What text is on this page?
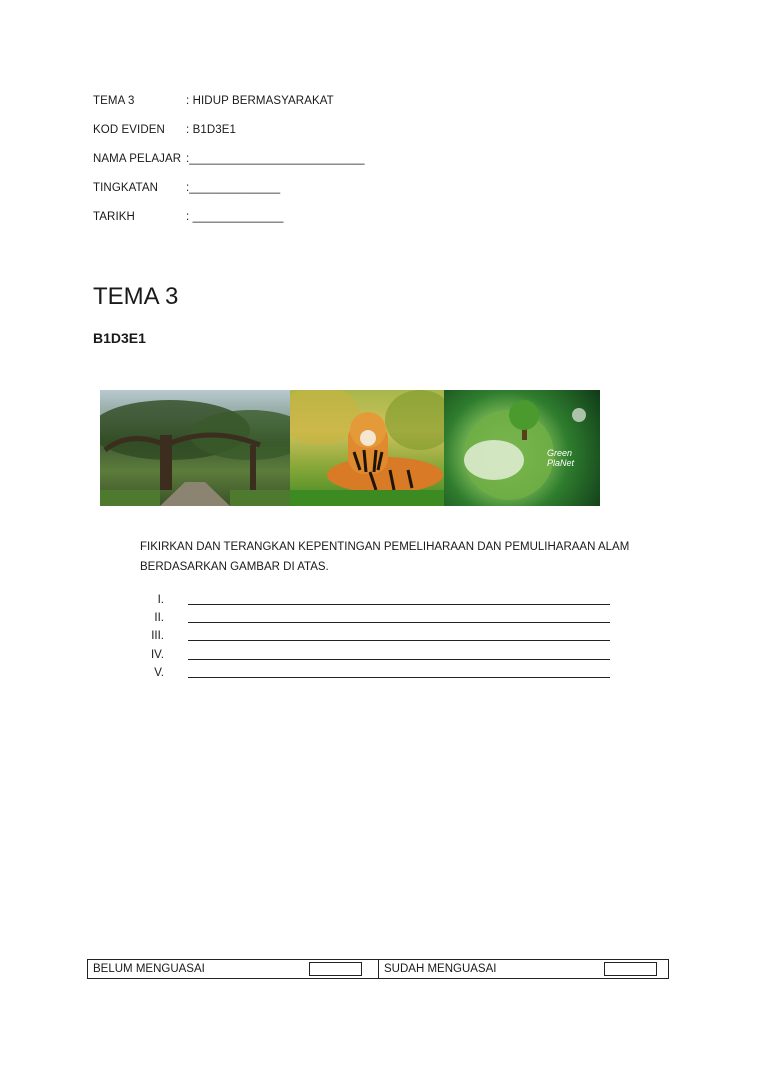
TEMA 3	: HIDUP BERMASYARAKAT
KOD EVIDEN : B1D3E1
NAMA PELAJAR :___________________________
TINGKATAN :______________
TARIKH	: ______________
TEMA 3
B1D3E1
Green PlaNet
FIKIRKAN DAN TERANGKAN KEPENTINGAN PEMELIHARAAN DAN PEMULIHARAAN ALAM BERDASARKAN GAMBAR DI ATAS.
I.
II.
III.
IV.
V.
BELUM MENGUASAI	SUDAH MENGUASAI
